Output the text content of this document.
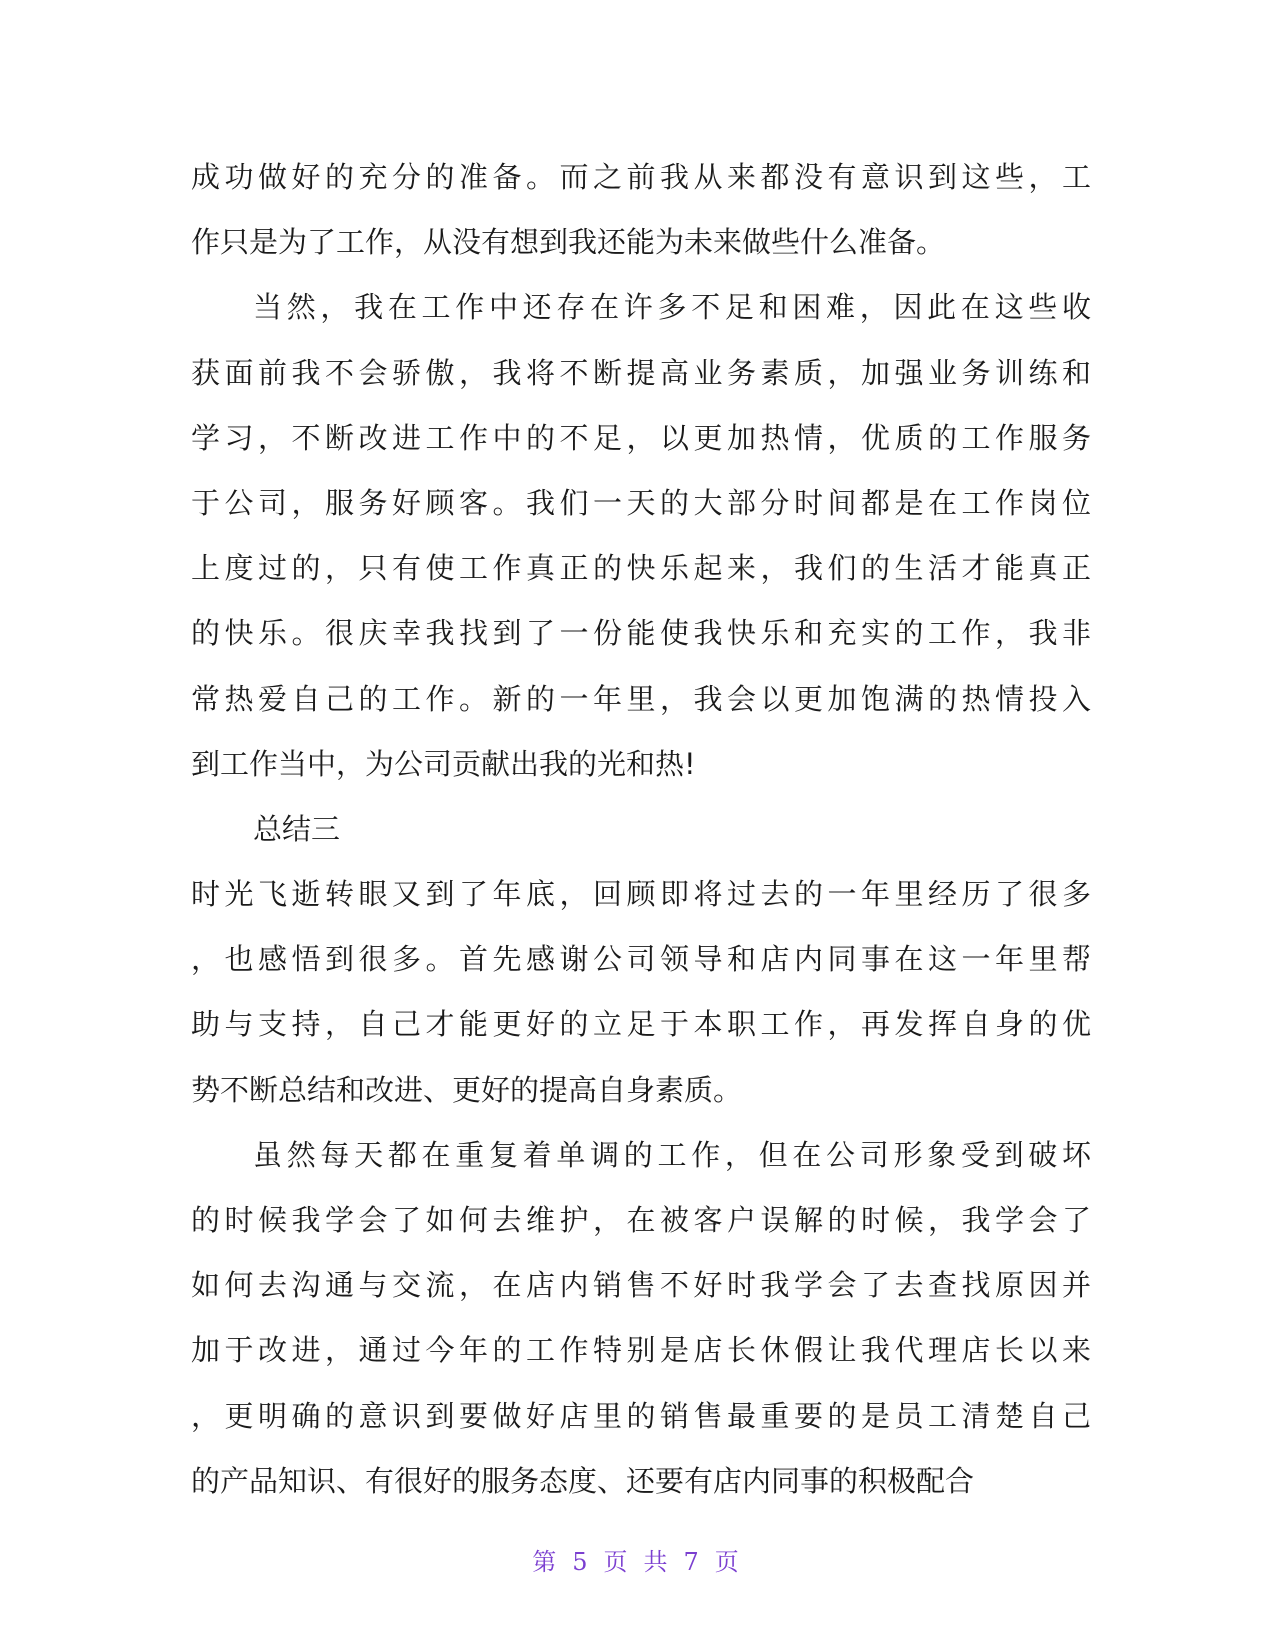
成功做好的充分的准备。而之前我从来都没有意识到这些，工
作只是为了工作，从没有想到我还能为未来做些什么准备。
当然，我在工作中还存在许多不足和困难，因此在这些收
获面前我不会骄傲，我将不断提高业务素质，加强业务训练和
学习，不断改进工作中的不足，以更加热情，优质的工作服务
于公司，服务好顾客。我们一天的大部分时间都是在工作岗位
上度过的，只有使工作真正的快乐起来，我们的生活才能真正
的快乐。很庆幸我找到了一份能使我快乐和充实的工作，我非
常热爱自己的工作。新的一年里，我会以更加饱满的热情投入
到工作当中，为公司贡献出我的光和热!
总结三
时光飞逝转眼又到了年底，回顾即将过去的一年里经历了很多
，也感悟到很多。首先感谢公司领导和店内同事在这一年里帮
助与支持，自己才能更好的立足于本职工作，再发挥自身的优
势不断总结和改进、更好的提高自身素质。
虽然每天都在重复着单调的工作，但在公司形象受到破坏
的时候我学会了如何去维护，在被客户误解的时候，我学会了
如何去沟通与交流，在店内销售不好时我学会了去查找原因并
加于改进，通过今年的工作特别是店长休假让我代理店长以来
，更明确的意识到要做好店里的销售最重要的是员工清楚自己
的产品知识、有很好的服务态度、还要有店内同事的积极配合
第 5 页 共 7 页
